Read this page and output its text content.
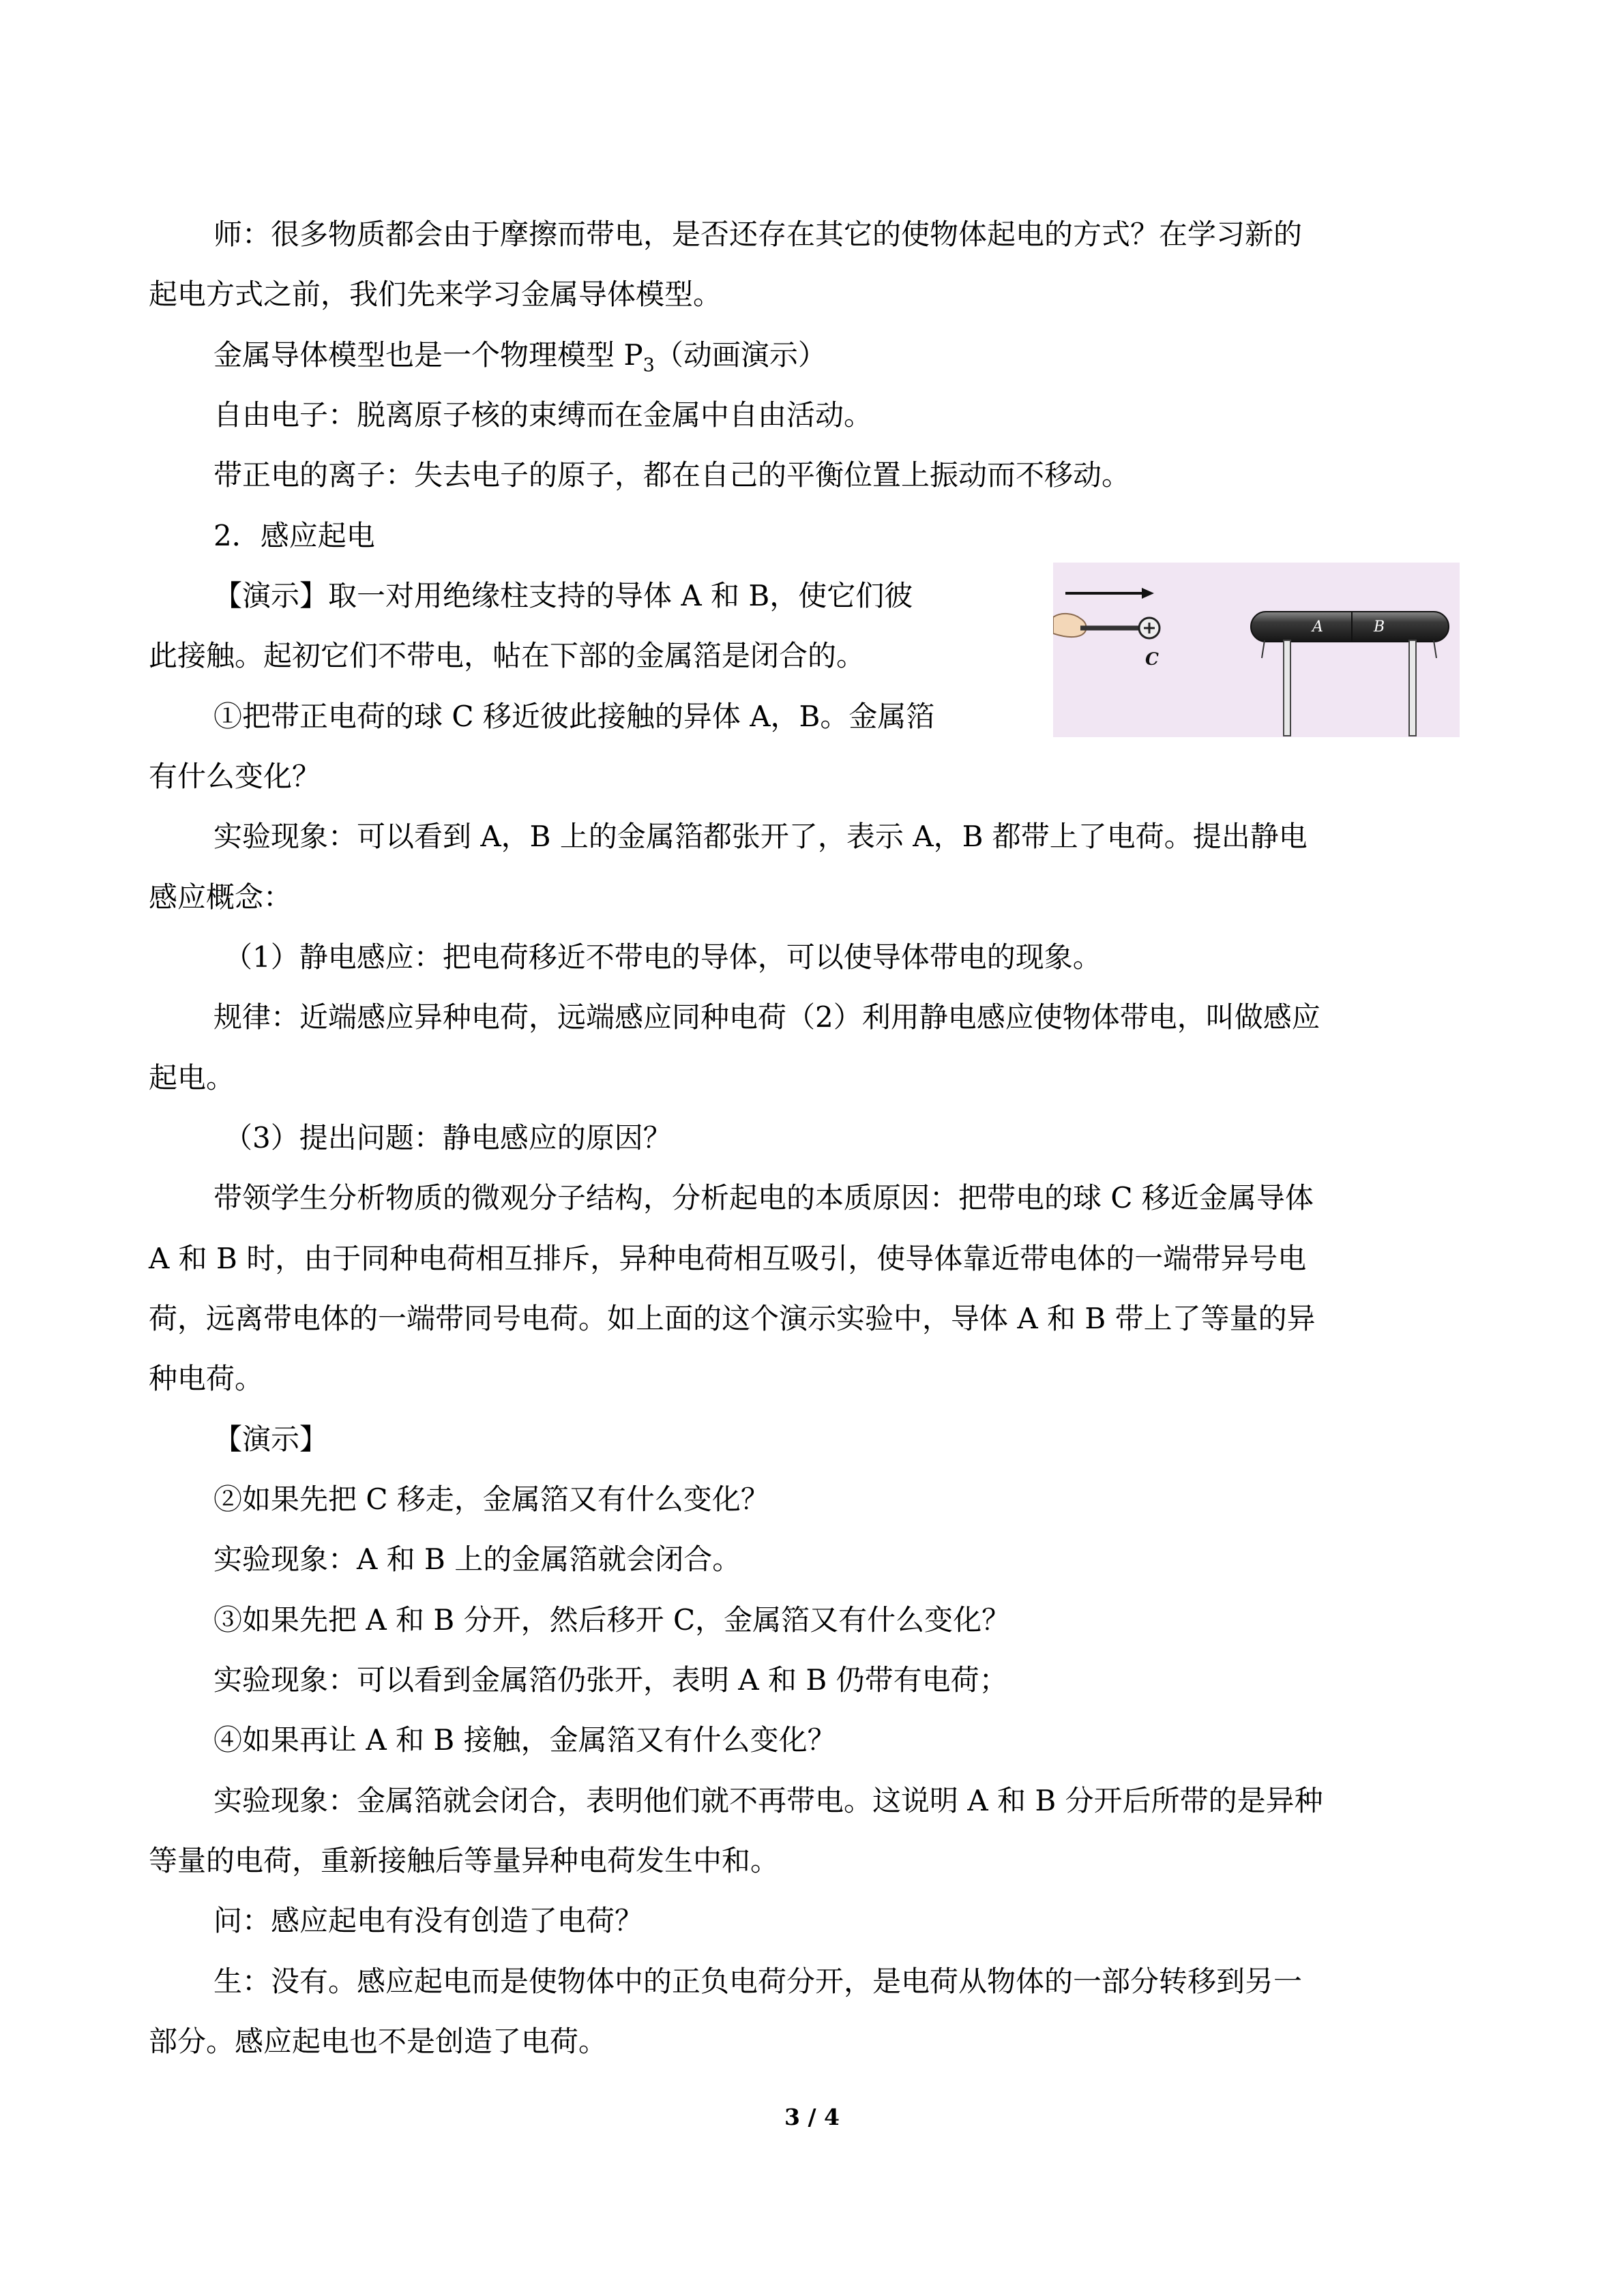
师：很多物质都会由于摩擦而带电，是否还存在其它的使物体起电的方式？在学习新的
起电方式之前，我们先来学习金属导体模型。
金属导体模型也是一个物理模型 $P_3$（动画演示）
自由电子：脱离原子核的束缚而在金属中自由活动。
带正电的离子：失去电子的原子，都在自己的平衡位置上振动而不移动。
2．感应起电
【演示】取一对用绝缘柱支持的导体 A 和 B，使它们彼
此接触。起初它们不带电，帖在下部的金属箔是闭合的。
①把带正电荷的球 C 移近彼此接触的异体 A，B。金属箔
有什么变化？
实验现象：可以看到 A，B 上的金属箔都张开了，表示 A，B 都带上了电荷。提出静电
感应概念：
（1）静电感应：把电荷移近不带电的导体，可以使导体带电的现象。
规律：近端感应异种电荷，远端感应同种电荷（2）利用静电感应使物体带电，叫做感应
起电。
（3）提出问题：静电感应的原因？
带领学生分析物质的微观分子结构，分析起电的本质原因：把带电的球 C 移近金属导体
A 和 B 时，由于同种电荷相互排斥，异种电荷相互吸引，使导体靠近带电体的一端带异号电
荷，远离带电体的一端带同号电荷。如上面的这个演示实验中，导体 A 和 B 带上了等量的异
种电荷。
【演示】
②如果先把 C 移走，金属箔又有什么变化？
实验现象：A 和 B 上的金属箔就会闭合。
③如果先把 A 和 B 分开，然后移开 C，金属箔又有什么变化？
实验现象：可以看到金属箔仍张开，表明 A 和 B 仍带有电荷；
④如果再让 A 和 B 接触，金属箔又有什么变化？
实验现象：金属箔就会闭合，表明他们就不再带电。这说明 A 和 B 分开后所带的是异种
等量的电荷，重新接触后等量异种电荷发生中和。
问：感应起电有没有创造了电荷？
生：没有。感应起电而是使物体中的正负电荷分开，是电荷从物体的一部分转移到另一
部分。感应起电也不是创造了电荷。
C
A	B
3 / 4
